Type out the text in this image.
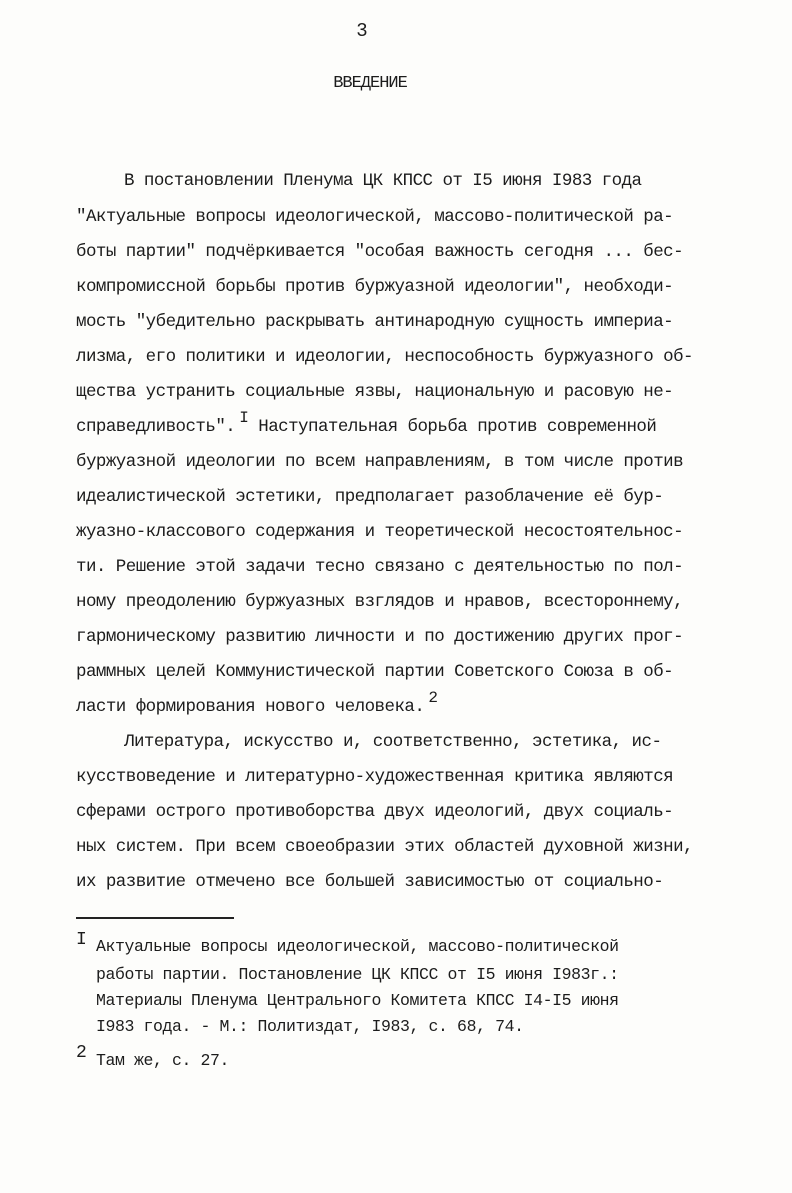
3
ВВЕДЕНИЕ
В постановлении Пленума ЦК КПСС от I5 июня I983 года
"Актуальные вопросы идеологической, массово-политической ра-
боты партии" подчёркивается "особая важность сегодня ... бес-
компромиссной борьбы против буржуазной идеологии", необходи-
мость "убедительно раскрывать антинародную сущность империа-
лизма, его политики и идеологии, неспособность буржуазного об-
щества устранить социальные язвы, национальную и расовую не-
справедливость". I Наступательная борьба против современной
буржуазной идеологии по всем направлениям, в том числе против
идеалистической эстетики, предполагает разоблачение её бур-
жуазно-классового содержания и теоретической несостоятельнос-
ти. Решение этой задачи тесно связано с деятельностью по пол-
ному преодолению буржуазных взглядов и нравов, всестороннему,
гармоническому развитию личности и по достижению других прог-
раммных целей Коммунистической партии Советского Союза в об-
ласти формирования нового человека. 2
Литература, искусство и, соответственно, эстетика, ис-
кусствоведение и литературно-художественная критика являются
сферами острого противоборства двух идеологий, двух социаль-
ных систем. При всем своеобразии этих областей духовной жизни,
их развитие отмечено все большей зависимостью от социально-
I Актуальные вопросы идеологической, массово-политической
работы партии. Постановление ЦК КПСС от I5 июня I983г.:
Материалы Пленума Центрального Комитета КПСС I4-I5 июня
I983 года. - М.: Политиздат, I983, с. 68, 74.
2 Там же, с. 27.
